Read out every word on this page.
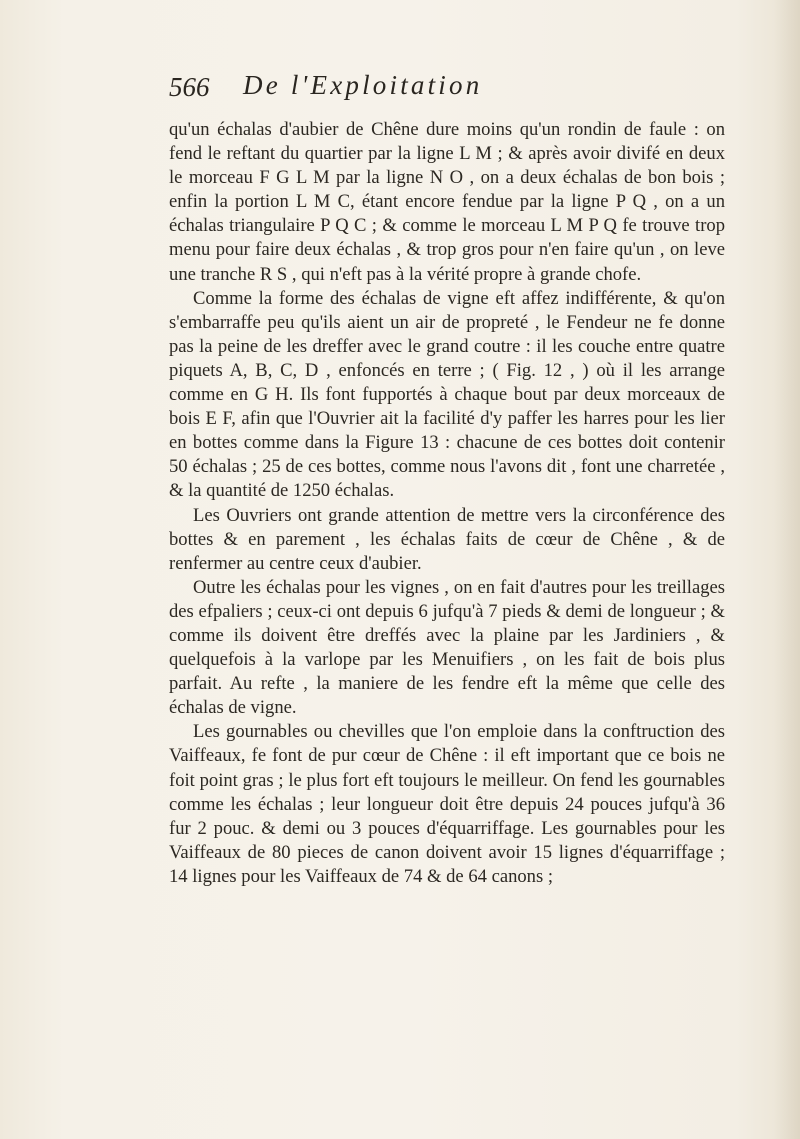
566 De l'Exploitation

qu'un échalas d'aubier de Chêne dure moins qu'un rondin de faule : on fend le reftant du quartier par la ligne L M ; & après avoir divifé en deux le morceau F G L M par la ligne N O , on a deux échalas de bon bois ; enfin la portion L M C, étant encore fendue par la ligne P Q , on a un échalas triangulaire P Q C ; & comme le morceau L M P Q fe trouve trop menu pour faire deux échalas , & trop gros pour n'en faire qu'un , on leve une tranche R S , qui n'eft pas à la vérité propre à grande chofe.

Comme la forme des échalas de vigne eft affez indifférente, & qu'on s'embarraffe peu qu'ils aient un air de propreté , le Fendeur ne fe donne pas la peine de les dreffer avec le grand coutre : il les couche entre quatre piquets A, B, C, D , enfoncés en terre ; ( Fig. 12 , ) où il les arrange comme en G H. Ils font fupportés à chaque bout par deux morceaux de bois E F, afin que l'Ouvrier ait la facilité d'y paffer les harres pour les lier en bottes comme dans la Figure 13 : chacune de ces bottes doit contenir 50 échalas ; 25 de ces bottes, comme nous l'avons dit , font une charretée , & la quantité de 1250 échalas.

Les Ouvriers ont grande attention de mettre vers la circonférence des bottes & en parement , les échalas faits de cœur de Chêne , & de renfermer au centre ceux d'aubier.

Outre les échalas pour les vignes , on en fait d'autres pour les treillages des efpaliers ; ceux-ci ont depuis 6 jufqu'à 7 pieds & demi de longueur ; & comme ils doivent être dreffés avec la plaine par les Jardiniers , & quelquefois à la varlope par les Menuifiers , on les fait de bois plus parfait. Au refte , la maniere de les fendre eft la même que celle des échalas de vigne.

Les gournables ou chevilles que l'on emploie dans la conftruction des Vaiffeaux, fe font de pur cœur de Chêne : il eft important que ce bois ne foit point gras ; le plus fort eft toujours le meilleur. On fend les gournables comme les échalas ; leur longueur doit être depuis 24 pouces jufqu'à 36 fur 2 pouc. & demi ou 3 pouces d'équarriffage. Les gournables pour les Vaiffeaux de 80 pieces de canon doivent avoir 15 lignes d'équarriffage ; 14 lignes pour les Vaiffeaux de 74 & de 64 canons ;
